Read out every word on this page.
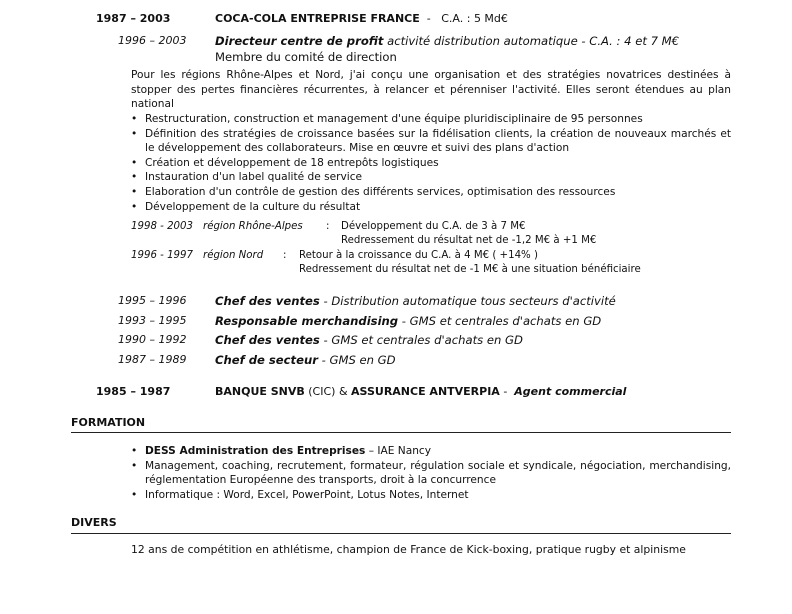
1987 – 2003	COCA-COLA ENTREPRISE FRANCE - C.A. : 5 Md€
1996 – 2003 Directeur centre de profit activité distribution automatique - C.A. : 4 et 7 M€
Membre du comité de direction
Pour les régions Rhône-Alpes et Nord, j'ai conçu une organisation et des stratégies novatrices destinées à stopper des pertes financières récurrentes, à relancer et pérenniser l'activité. Elles seront étendues au plan national
• Restructuration, construction et management d'une équipe pluridisciplinaire de 95 personnes
• Définition des stratégies de croissance basées sur la fidélisation clients, la création de nouveaux marchés et le développement des collaborateurs. Mise en œuvre et suivi des plans d'action
• Création et développement de 18 entrepôts logistiques
• Instauration d'un label qualité de service
• Elaboration d'un contrôle de gestion des différents services, optimisation des ressources
• Développement de la culture du résultat
1998 - 2003 région Rhône-Alpes : Développement du C.A. de 3 à 7 M€
Redressement du résultat net de -1,2 M€ à +1 M€
1996 - 1997 région Nord : Retour à la croissance du C.A. à 4 M€ ( +14% )
Redressement du résultat net de -1 M€ à une situation bénéficiaire
1995 – 1996 Chef des ventes - Distribution automatique tous secteurs d'activité
1993 – 1995 Responsable merchandising - GMS et centrales d'achats en GD
1990 – 1992 Chef des ventes - GMS et centrales d'achats en GD
1987 – 1989 Chef de secteur - GMS en GD
1985 – 1987	BANQUE SNVB (CIC) & ASSURANCE ANTVERPIA -  Agent commercial
FORMATION
• DESS Administration des Entreprises – IAE Nancy
• Management, coaching, recrutement, formateur, régulation sociale et syndicale, négociation, merchandising, réglementation Européenne des transports, droit à la concurrence
• Informatique : Word, Excel, PowerPoint, Lotus Notes, Internet
DIVERS
12 ans de compétition en athlétisme, champion de France de Kick-boxing, pratique rugby et alpinisme
